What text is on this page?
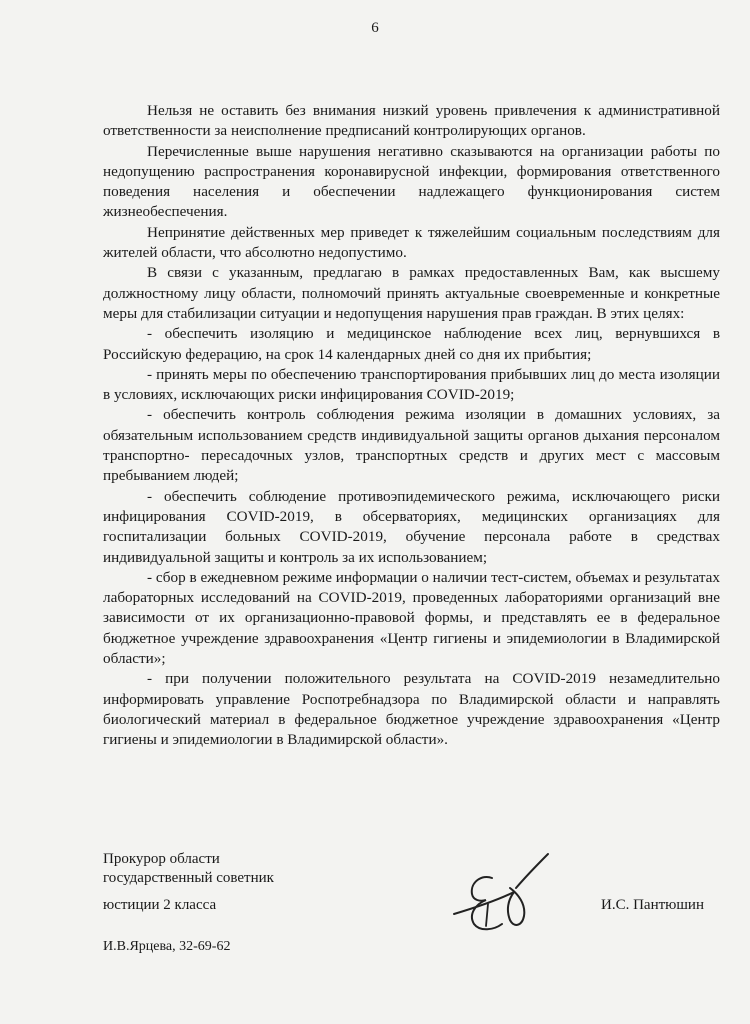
6

Нельзя не оставить без внимания низкий уровень привлечения к административной ответственности за неисполнение предписаний контролирующих органов.

Перечисленные выше нарушения негативно сказываются на организации работы по недопущению распространения коронавирусной инфекции, формирования ответственного поведения населения и обеспечении надлежащего функционирования систем жизнеобеспечения.

Непринятие действенных мер приведет к тяжелейшим социальным последствиям для жителей области, что абсолютно недопустимо.

В связи с указанным, предлагаю в рамках предоставленных Вам, как высшему должностному лицу области, полномочий принять актуальные своевременные и конкретные меры для стабилизации ситуации и недопущения нарушения прав граждан. В этих целях:

- обеспечить изоляцию и медицинское наблюдение всех лиц, вернувшихся в Российскую федерацию, на срок 14 календарных дней со дня их прибытия;

- принять меры по обеспечению транспортирования прибывших лиц до места изоляции в условиях, исключающих риски инфицирования COVID-2019;

- обеспечить контроль соблюдения режима изоляции в домашних условиях, за обязательным использованием средств индивидуальной защиты органов дыхания персоналом транспортно- пересадочных узлов, транспортных средств и других мест с массовым пребыванием людей;

- обеспечить соблюдение противоэпидемического режима, исключающего риски инфицирования COVID-2019, в обсерваториях, медицинских организациях для госпитализации больных COVID-2019, обучение персонала работе в средствах индивидуальной защиты и контроль за их использованием;

- сбор в ежедневном режиме информации о наличии тест-систем, объемах и результатах лабораторных исследований на COVID-2019, проведенных лабораториями организаций вне зависимости от их организационно-правовой формы, и представлять ее в федеральное бюджетное учреждение здравоохранения «Центр гигиены и эпидемиологии в Владимирской области»;

- при получении положительного результата на COVID-2019 незамедлительно информировать управление Роспотребнадзора по Владимирской области и направлять биологический материал в федеральное бюджетное учреждение здравоохранения «Центр гигиены и эпидемиологии в Владимирской области».

Прокурор области
государственный советник
юстиции 2 класса	И.С. Пантюшин
И.В.Ярцева, 32-69-62
